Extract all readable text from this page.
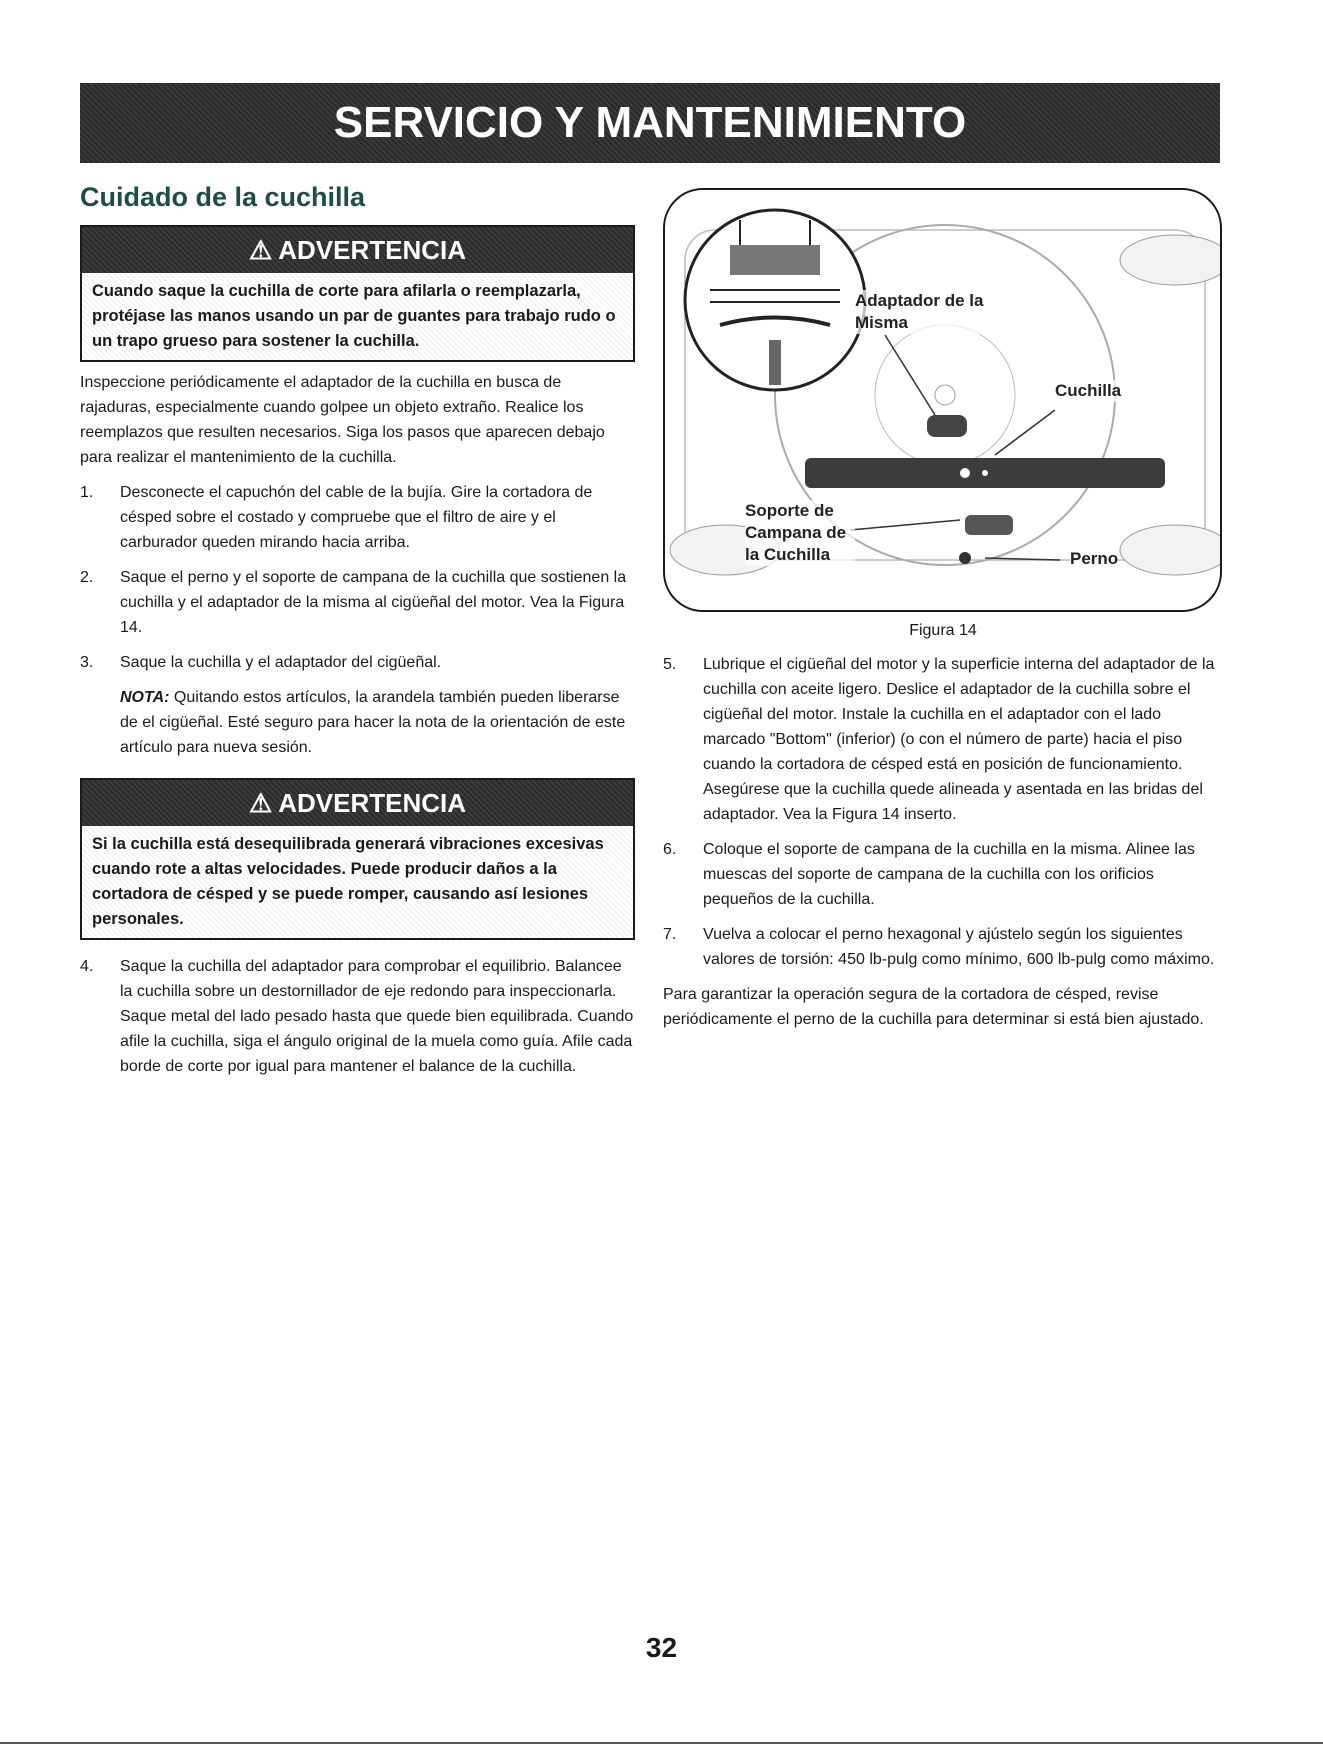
SERVICIO Y MANTENIMIENTO
Cuidado de la cuchilla
⚠ ADVERTENCIA
Cuando saque la cuchilla de corte para afilarla o reemplazarla, protéjase las manos usando un par de guantes para trabajo rudo o un trapo grueso para sostener la cuchilla.

Inspeccione periódicamente el adaptador de la cuchilla en busca de rajaduras, especialmente cuando golpee un objeto extraño. Realice los reemplazos que resulten necesarios. Siga los pasos que aparecen debajo para realizar el mantenimiento de la cuchilla.

1.	Desconecte el capuchón del cable de la bujía. Gire la cortadora de césped sobre el costado y compruebe que el filtro de aire y el carburador queden mirando hacia arriba.
2.	Saque el perno y el soporte de campana de la cuchilla que sostienen la cuchilla y el adaptador de la misma al cigüeñal del motor. Vea la Figura 14.
3.	Saque la cuchilla y el adaptador del cigüeñal.
NOTA: Quitando estos artículos, la arandela también pueden liberarse de el cigüeñal. Esté seguro para hacer la nota de la orientación de este artículo para nueva sesión.
⚠ ADVERTENCIA
Si la cuchilla está desequilibrada generará vibraciones excesivas cuando rote a altas velocidades. Puede producir daños a la cortadora de césped y se puede romper, causando así lesiones personales.
4.	Saque la cuchilla del adaptador para comprobar el equilibrio. Balancee la cuchilla sobre un destornillador de eje redondo para inspeccionarla. Saque metal del lado pesado hasta que quede bien equilibrada. Cuando afile la cuchilla, siga el ángulo original de la muela como guía. Afile cada borde de corte por igual para mantener el balance de la cuchilla.
Adaptador de la Misma
Cuchilla
Soporte de Campana de la Cuchilla	Perno
Figura 14
5.	Lubrique el cigüeñal del motor y la superficie interna del adaptador de la cuchilla con aceite ligero. Deslice el adaptador de la cuchilla sobre el cigüeñal del motor. Instale la cuchilla en el adaptador con el lado marcado "Bottom" (inferior) (o con el número de parte) hacia el piso cuando la cortadora de césped está en posición de funcionamiento. Asegúrese que la cuchilla quede alineada y asentada en las bridas del adaptador. Vea la Figura 14 inserto.
6.	Coloque el soporte de campana de la cuchilla en la misma. Alinee las muescas del soporte de campana de la cuchilla con los orificios pequeños de la cuchilla.
7.	Vuelva a colocar el perno hexagonal y ajústelo según los siguientes valores de torsión: 450 lb-pulg como mínimo, 600 lb-pulg como máximo.

Para garantizar la operación segura de la cortadora de césped, revise periódicamente el perno de la cuchilla para determinar si está bien ajustado.

32
